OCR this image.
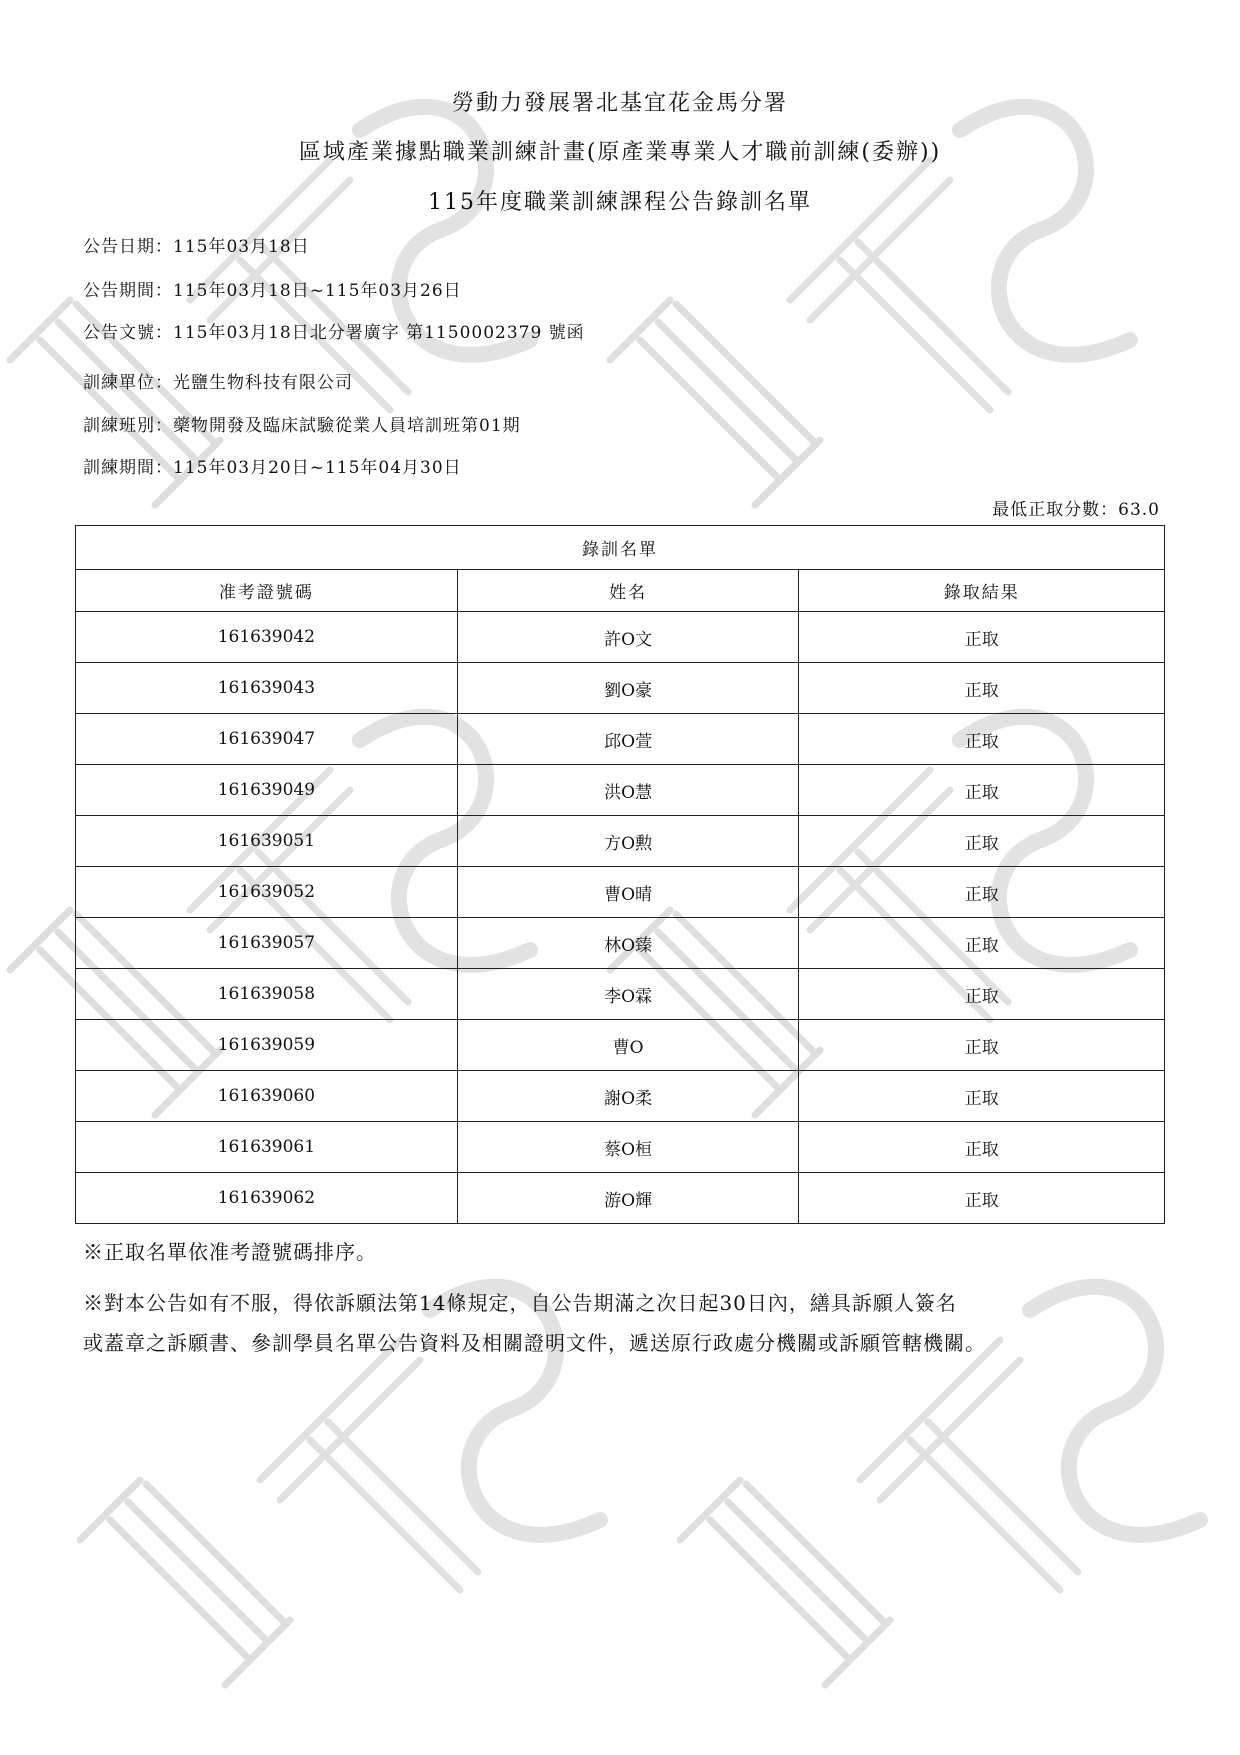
勞動力發展署北基宜花金馬分署
區域產業據點職業訓練計畫(原產業專業人才職前訓練(委辦))
115年度職業訓練課程公告錄訓名單
公告日期：115年03月18日
公告期間：115年03月18日~115年03月26日
公告文號：115年03月18日北分署廣字 第1150002379 號函
訓練單位：光鹽生物科技有限公司
訓練班別：藥物開發及臨床試驗從業人員培訓班第01期
訓練期間：115年03月20日~115年04月30日
最低正取分數：63.0
錄訓名單		
准考證號碼	姓名	錄取結果
161639042	許O文	正取
161639043	劉O豪	正取
161639047	邱O萱	正取
161639049	洪O慧	正取
161639051	方O勲	正取
161639052	曹O晴	正取
161639057	林O臻	正取
161639058	李O霖	正取
161639059	曹O	正取
161639060	謝O柔	正取
161639061	蔡O桓	正取
161639062	游O輝	正取
※正取名單依准考證號碼排序。
※對本公告如有不服，得依訴願法第14條規定，自公告期滿之次日起30日內，繕具訴願人簽名
或蓋章之訴願書、參訓學員名單公告資料及相關證明文件，遞送原行政處分機關或訴願管轄機關。
